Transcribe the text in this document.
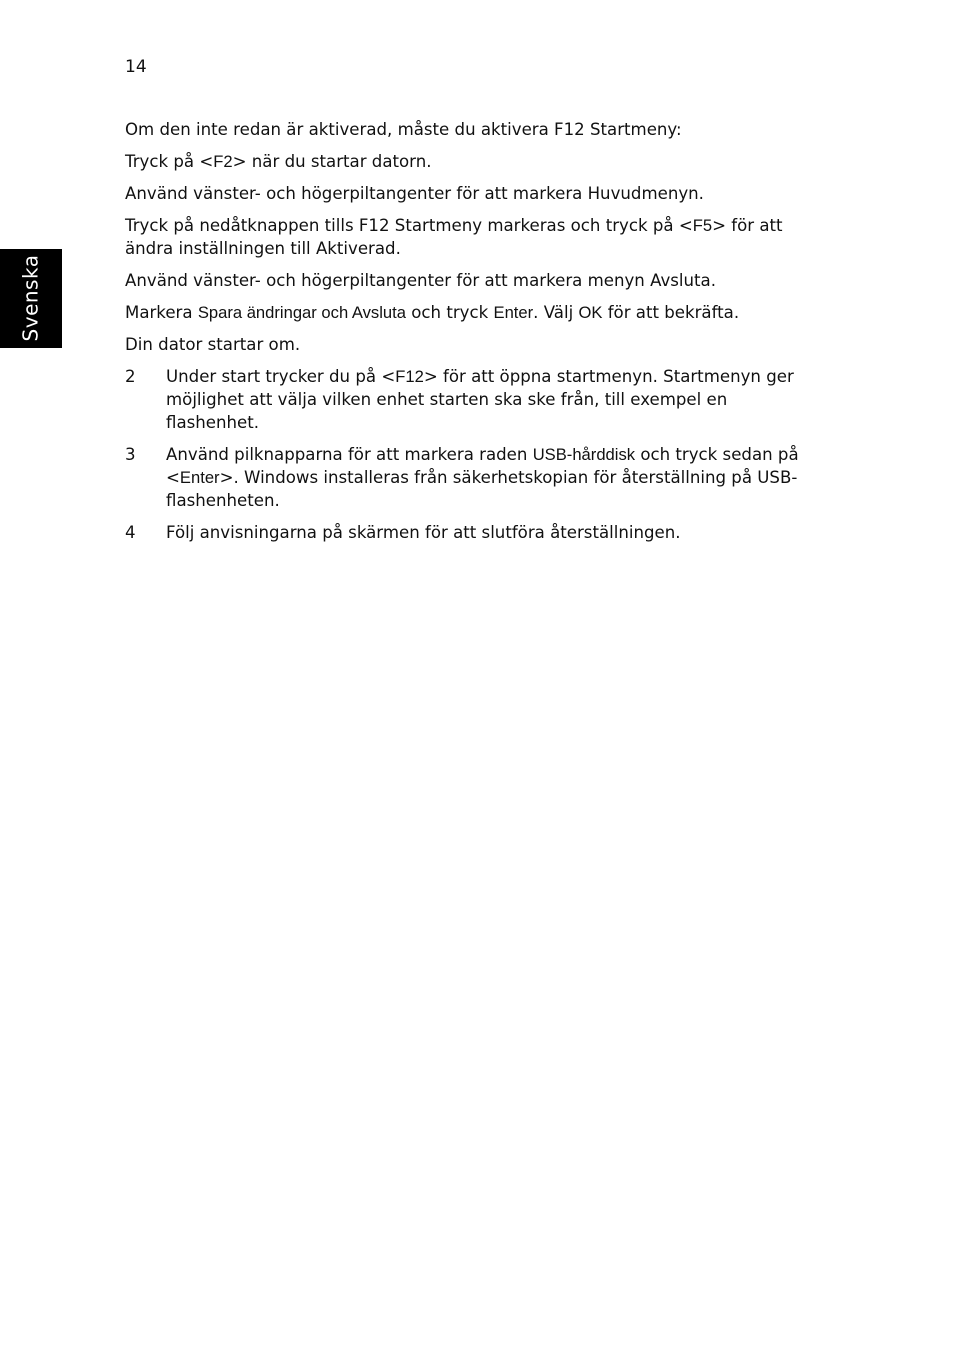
14
Svenska

Om den inte redan är aktiverad, måste du aktivera F12 Startmeny:

Tryck på <F2> när du startar datorn.

Använd vänster- och högerpiltangenter för att markera Huvudmenyn.

Tryck på nedåtknappen tills F12 Startmeny markeras och tryck på <F5> för att ändra inställningen till Aktiverad.

Använd vänster- och högerpiltangenter för att markera menyn Avsluta.

Markera Spara ändringar och Avsluta och tryck Enter. Välj OK för att bekräfta.

Din dator startar om.

2 Under start trycker du på <F12> för att öppna startmenyn. Startmenyn ger möjlighet att välja vilken enhet starten ska ske från, till exempel en flashenhet.
3 Använd pilknapparna för att markera raden USB-hårddisk och tryck sedan på <Enter>. Windows installeras från säkerhetskopian för återställning på USB-flashenheten.
4 Följ anvisningarna på skärmen för att slutföra återställningen.
